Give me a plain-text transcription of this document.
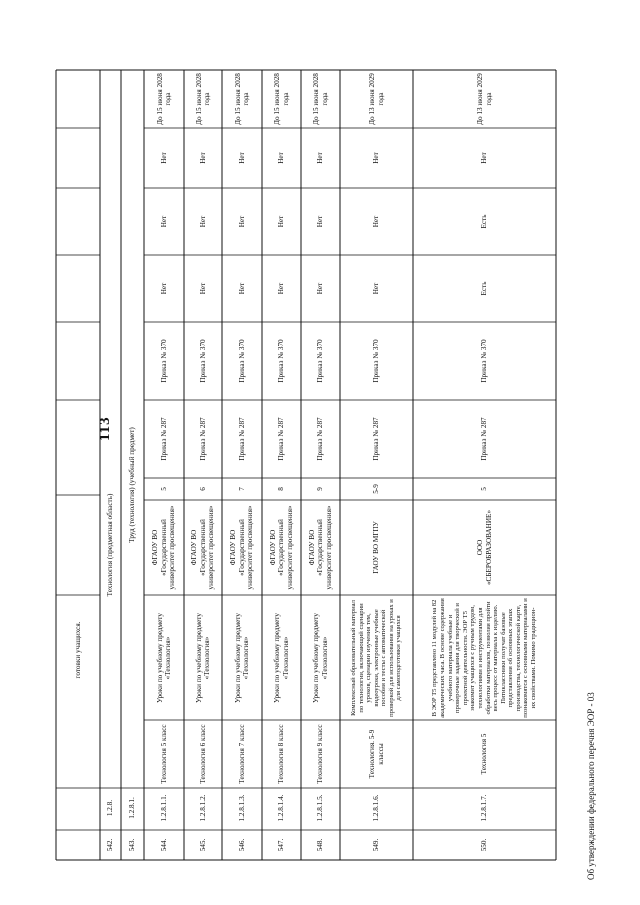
113
готовки учащихся.
542.
1.2.8.
Технология (предметная область)
543.
1.2.8.1.
Труд (технология) (учебный предмет)
544.
1.2.8.1.1.
Технология 5 класс
Уроки по учебному предмету «Технология»
ФГАОУ ВО «Государственный университет просвещения»
5
Приказ № 287
Приказ № 370
Нет
Нет
Нет
До 15 июня 2028 года
545.
1.2.8.1.2.
Технология 6 класс
Уроки по учебному предмету «Технология»
ФГАОУ ВО «Государственный университет просвещения»
6
Приказ № 287
Приказ № 370
Нет
Нет
Нет
До 15 июня 2028 года
546.
1.2.8.1.3.
Технология 7 класс
Уроки по учебному предмету «Технология»
ФГАОУ ВО «Государственный университет просвещения»
7
Приказ № 287
Приказ № 370
Нет
Нет
Нет
До 15 июня 2028 года
547.
1.2.8.1.4.
Технология 8 класс
Уроки по учебному предмету «Технология»
ФГАОУ ВО «Государственный университет просвещения»
8
Приказ № 287
Приказ № 370
Нет
Нет
Нет
До 15 июня 2028 года
548.
1.2.8.1.5.
Технология 9 класс
Уроки по учебному предмету «Технология»
ФГАОУ ВО «Государственный университет просвещения»
9
Приказ № 287
Приказ № 370
Нет
Нет
Нет
До 15 июня 2028 года
549.
1.2.8.1.6.
Технология. 5-9 классы
Комплексный образовательный материал по технологии, включающий сценарии уроков, сценарии изучения тем, видеоуроки, электронные учебные пособия и тесты с автоматической проверкой для использования на уроках и для самоподготовки учащихся
ГАОУ ВО МГПУ
5-9
Приказ № 287
Приказ № 370
Нет
Нет
Нет
До 13 июня 2029 года
550.
1.2.8.1.7.
Технология 5
В ЭОР Т5 представлено 11 модулей на 82 академических часа. В основе содержания учебного материала учебные и проверочные задания для творческой и проектной деятельности. ЭОР Т5 знакомит учащихся с ручным трудом, технологиями и инструментами для обработки материалов, позволяя пройти весь процесс от материала к изделию. Пятиклассники получат базовые представления об основных этапах производства, технологической карте, познакомятся с основными материалами и их свойствами. Помимо традицион-
ООО «СБЕРОБРАЗОВАНИЕ»
5
Приказ № 287
Приказ № 370
Есть
Есть
Нет
До 13 июня 2029 года
Об утверждении федерального перечня ЭОР - 03
